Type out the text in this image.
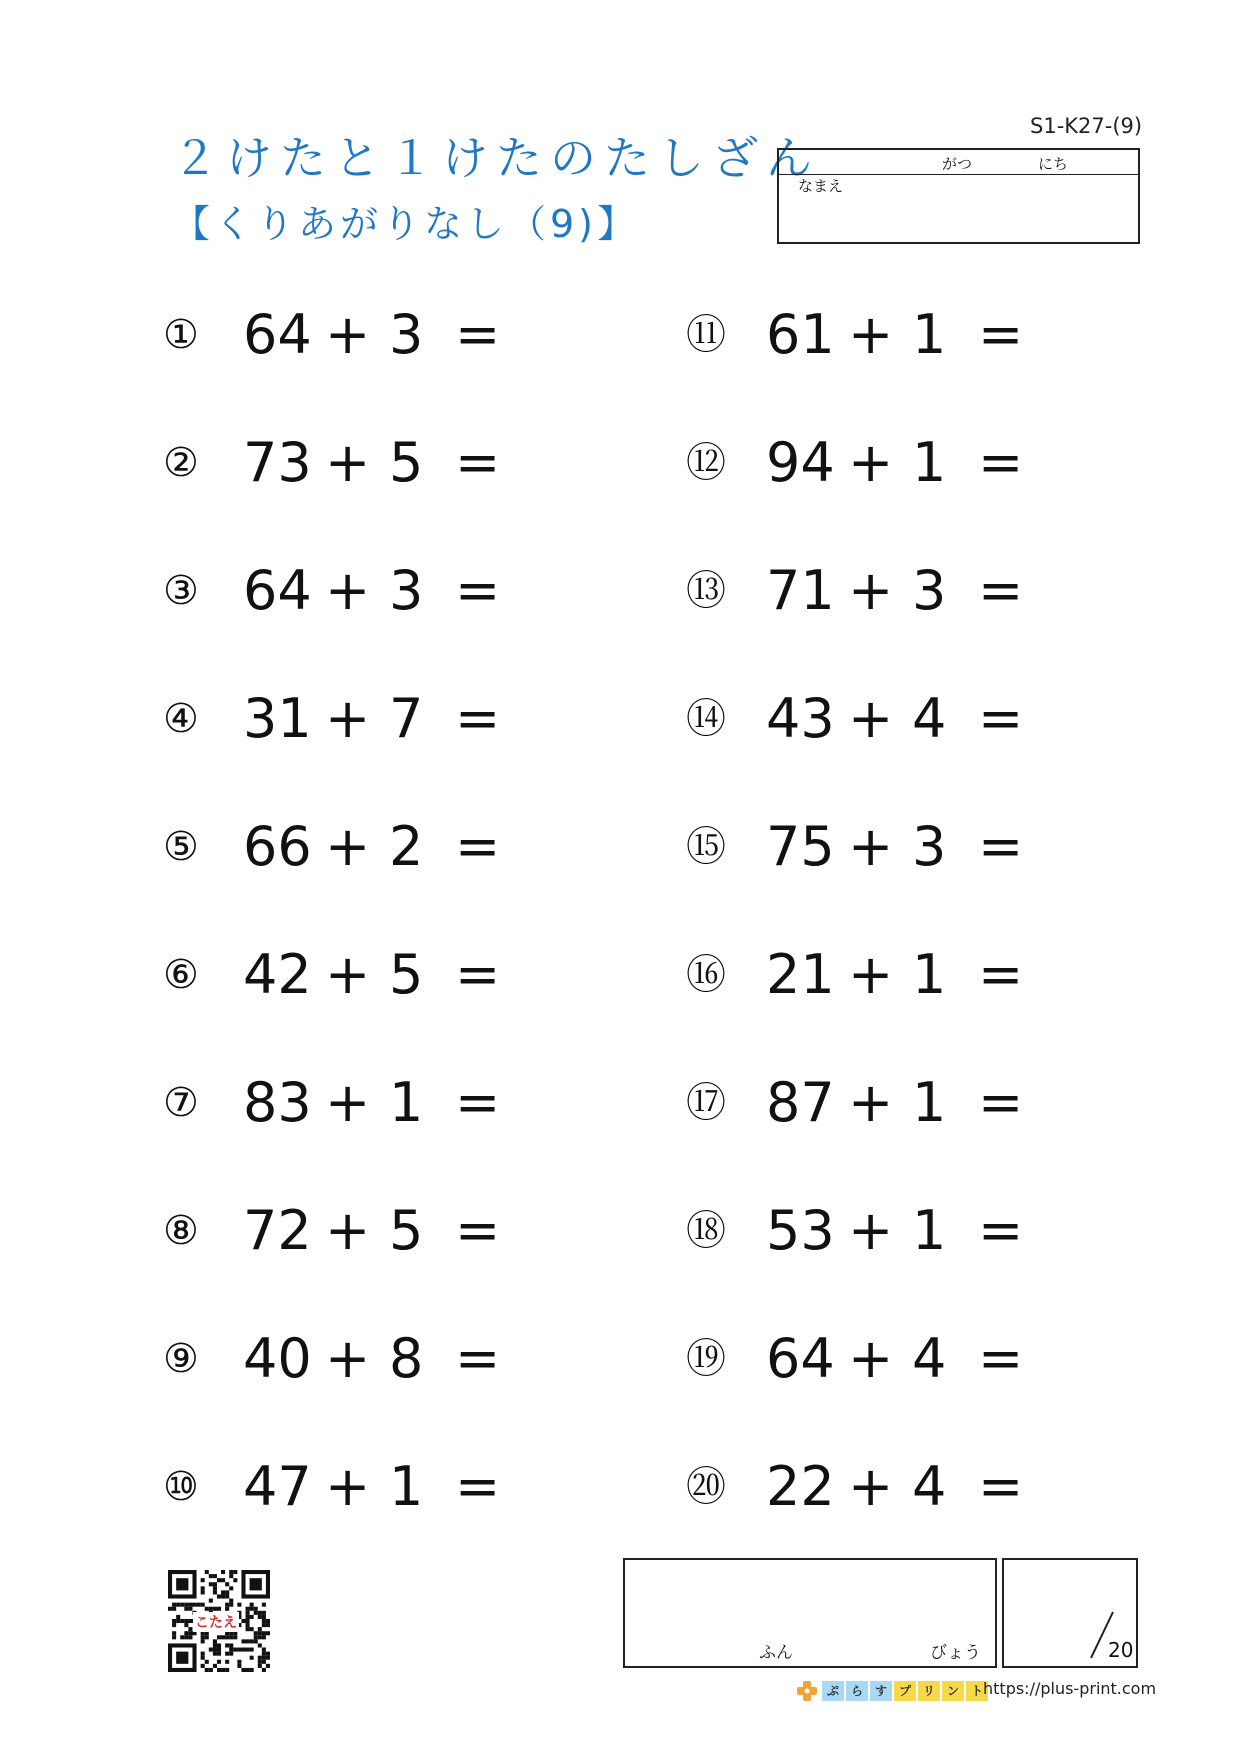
２けたと１けたのたしざん
【くりあがりなし（9)】
S1-K27-(9)
がつ	にち
なまえ
① 64 + 3 =
② 73 + 5 =
③ 64 + 3 =
④ 31 + 7 =
⑤ 66 + 2 =
⑥ 42 + 5 =
⑦ 83 + 1 =
⑧ 72 + 5 =
⑨ 40 + 8 =
⑩ 47 + 1 =
⑪ 61 + 1 =
⑫ 94 + 1 =
⑬ 71 + 3 =
⑭ 43 + 4 =
⑮ 75 + 3 =
⑯ 21 + 1 =
⑰ 87 + 1 =
⑱ 53 + 1 =
⑲ 64 + 4 =
⑳ 22 + 4 =
こたえ
ふん	びょう	20
ぷ ら す プ リ ン ト https://plus-print.com
